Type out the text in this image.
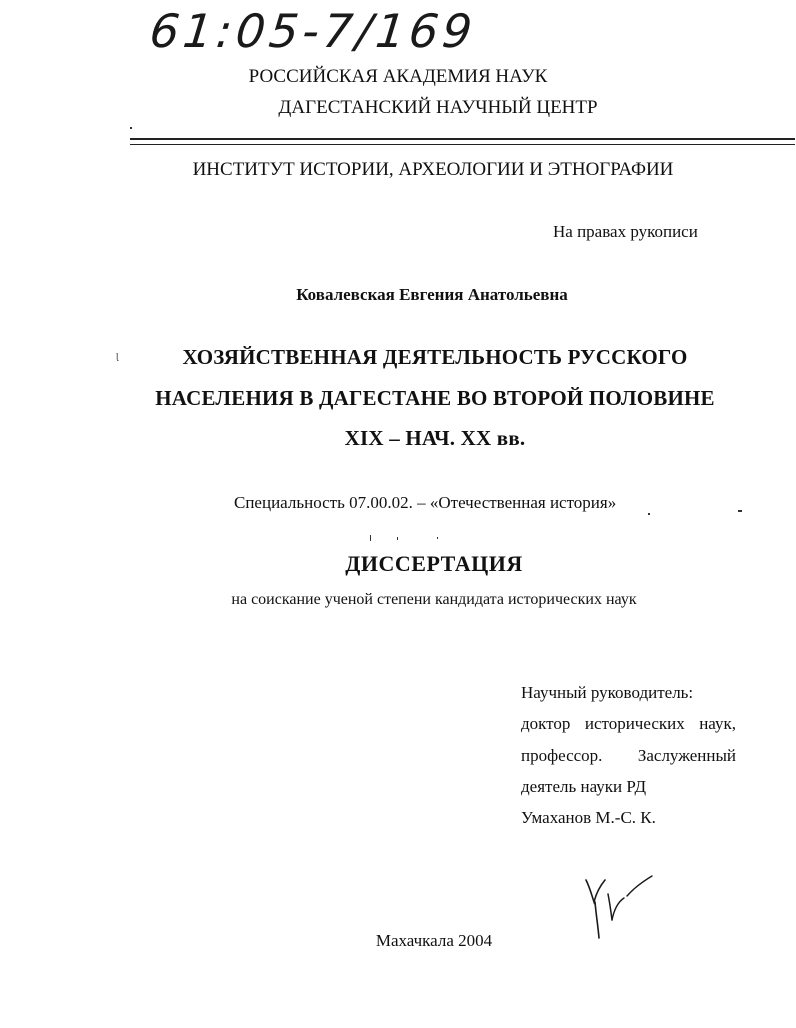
61:05-7/169
РОССИЙСКАЯ АКАДЕМИЯ НАУК
ДАГЕСТАНСКИЙ НАУЧНЫЙ ЦЕНТР
ИНСТИТУТ ИСТОРИИ, АРХЕОЛОГИИ И ЭТНОГРАФИИ
На правах рукописи
Ковалевская Евгения Анатольевна
ᶩ	ХОЗЯЙСТВЕННАЯ ДЕЯТЕЛЬНОСТЬ РУССКОГО
НАСЕЛЕНИЯ В ДАГЕСТАНЕ ВО ВТОРОЙ ПОЛОВИНЕ
XIX – НАЧ. XX вв.
Специальность 07.00.02. – «Отечественная история»
ДИССЕРТАЦИЯ
на соискание ученой степени кандидата исторических наук
Научный руководитель:
доктор исторических наук,
профессор. Заслуженный
деятель науки РД
Умаханов М.-С. К.
Махачкала 2004
